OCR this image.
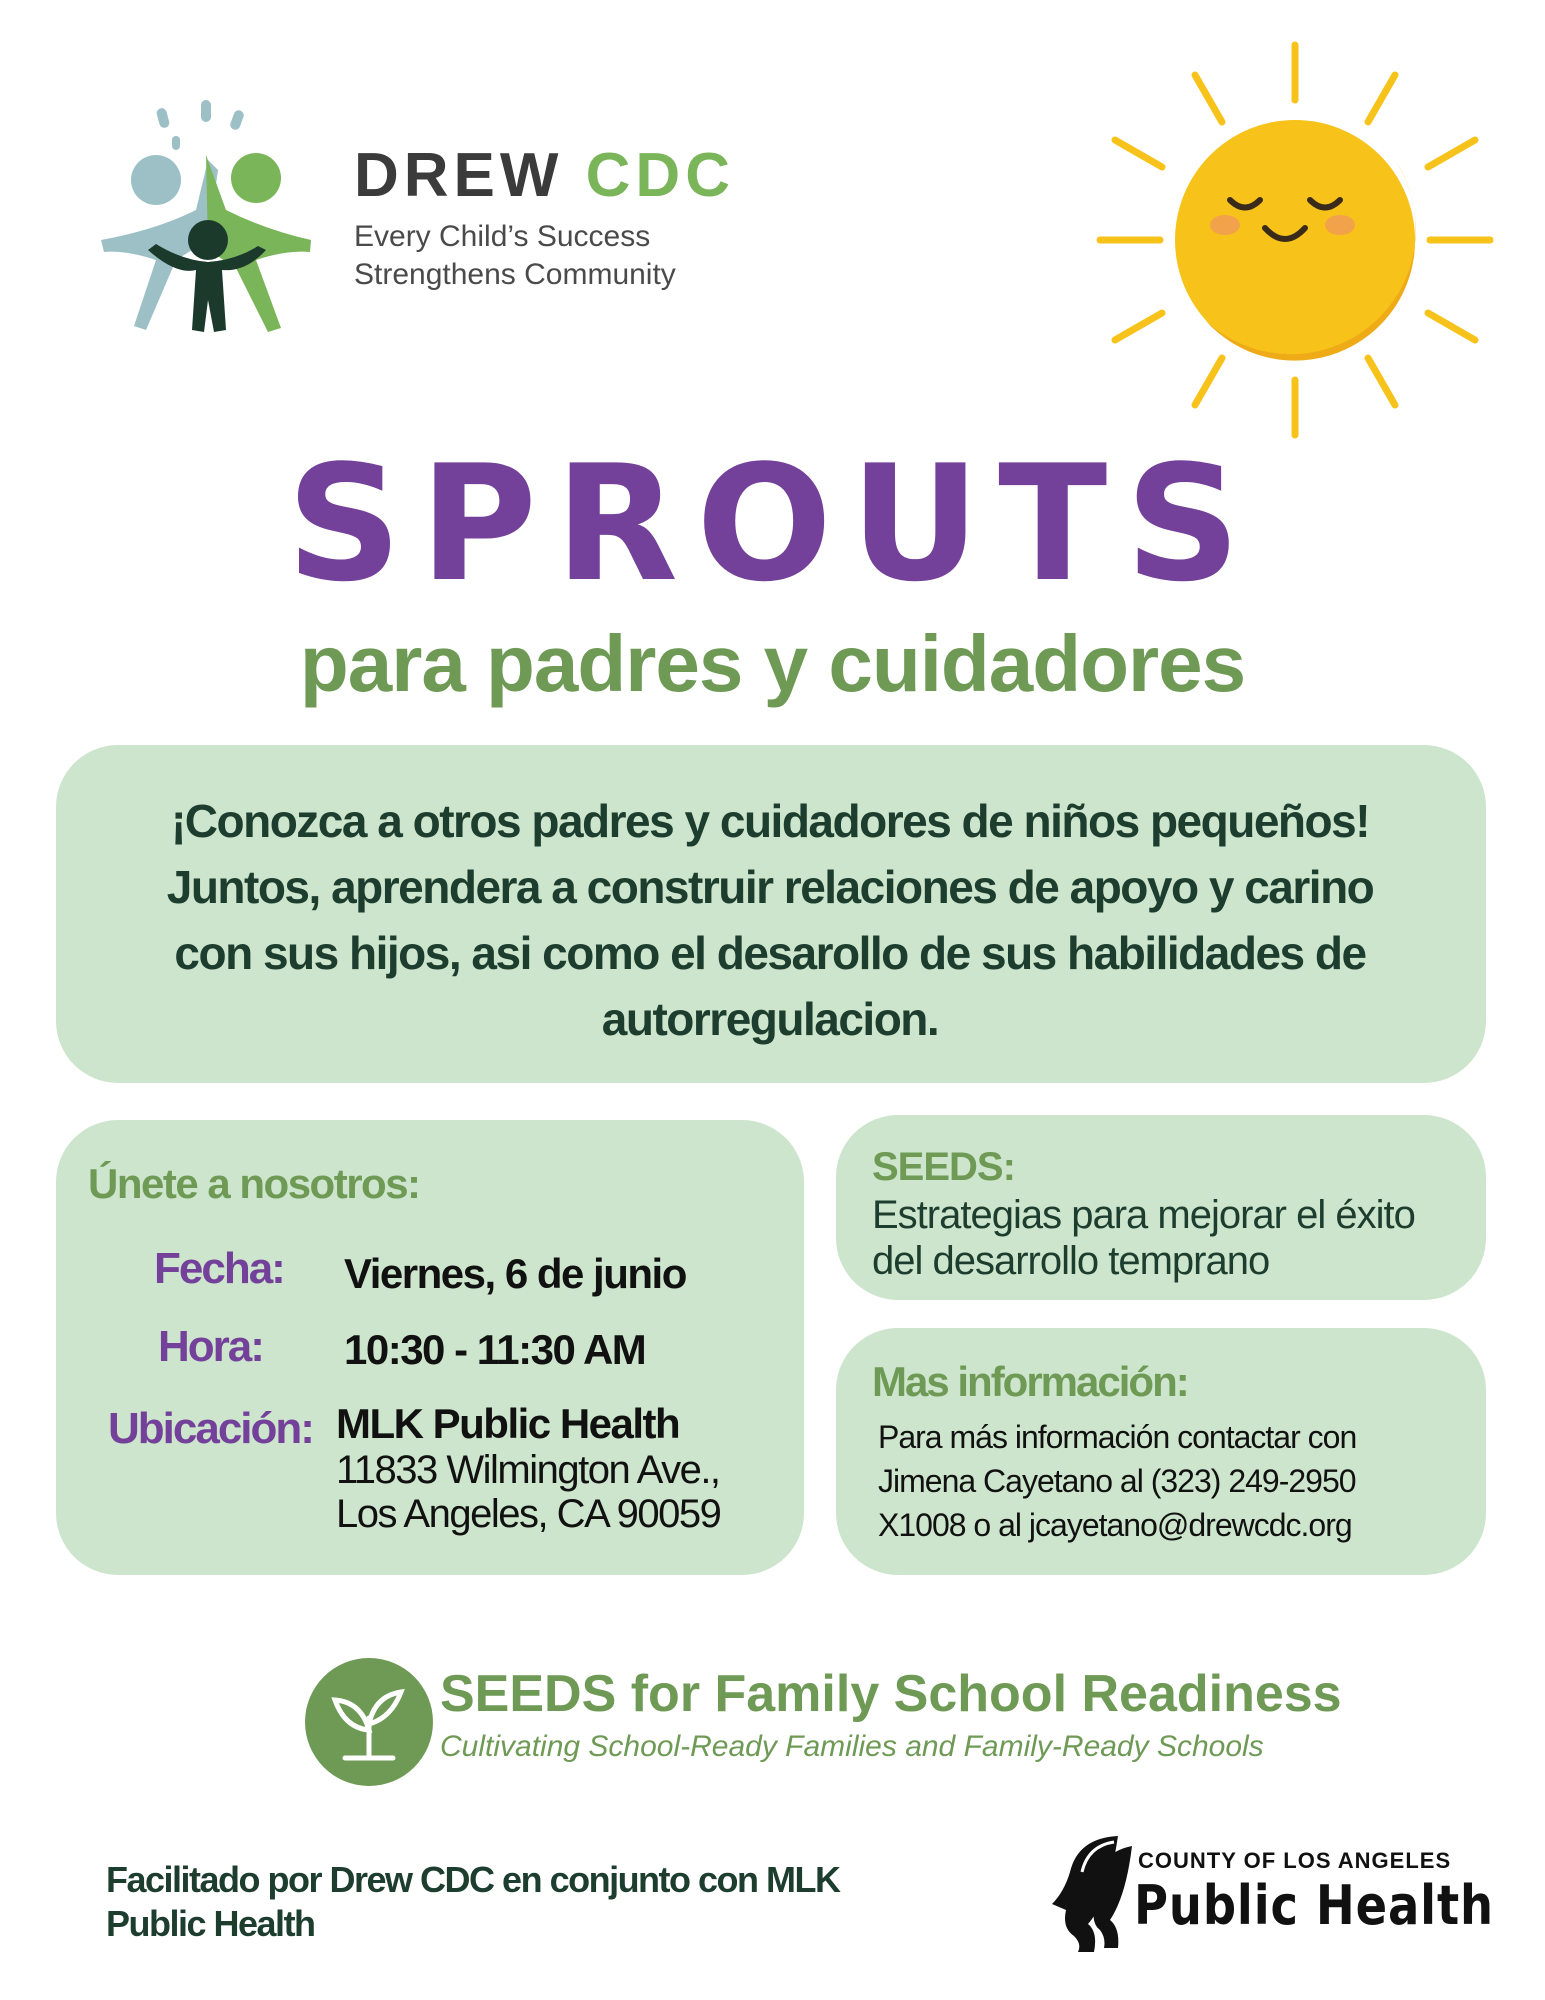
DREW CDC
Every Child’s Success
Strengthens Community
SPROUTS
para padres y cuidadores
¡Conozca a otros padres y cuidadores de niños pequeños!
Juntos, aprendera a construir relaciones de apoyo y carino
con sus hijos, asi como el desarollo de sus habilidades de
autorregulacion.
Únete a nosotros:
Fecha: Viernes, 6 de junio
Hora: 10:30 - 11:30 AM
Ubicación: MLK Public Health
11833 Wilmington Ave.,
Los Angeles, CA 90059
SEEDS:
Estrategias para mejorar el éxito
del desarrollo temprano
Mas información:
Para más información contactar con
Jimena Cayetano al (323) 249-2950
X1008 o al jcayetano@drewcdc.org
SEEDS for Family School Readiness
Cultivating School-Ready Families and Family-Ready Schools
Facilitado por Drew CDC en conjunto con MLK
Public Health
COUNTY OF LOS ANGELES
Public Health
